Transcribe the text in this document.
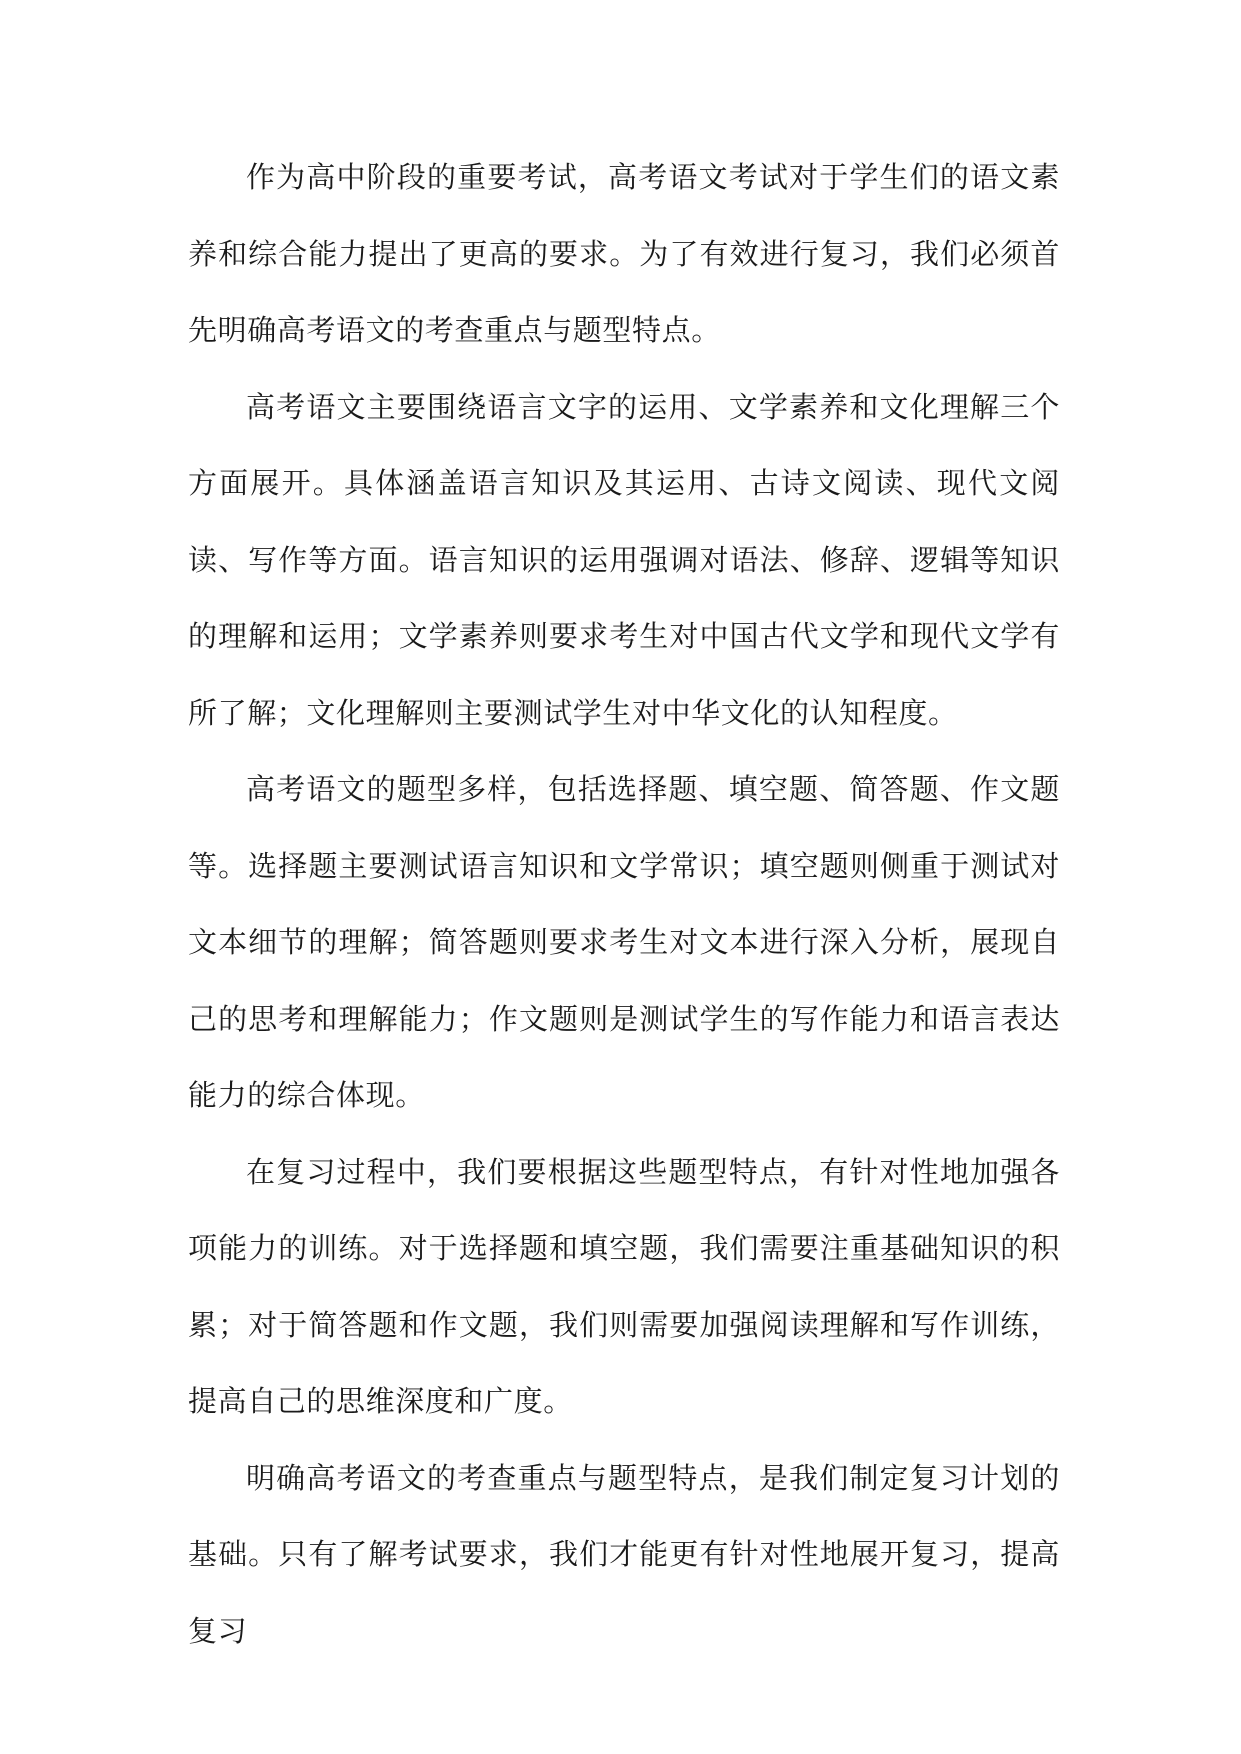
作为高中阶段的重要考试，高考语文考试对于学生们的语文素养和综合能力提出了更高的要求。为了有效进行复习，我们必须首先明确高考语文的考查重点与题型特点。

高考语文主要围绕语言文字的运用、文学素养和文化理解三个方面展开。具体涵盖语言知识及其运用、古诗文阅读、现代文阅读、写作等方面。语言知识的运用强调对语法、修辞、逻辑等知识的理解和运用；文学素养则要求考生对中国古代文学和现代文学有所了解；文化理解则主要测试学生对中华文化的认知程度。

高考语文的题型多样，包括选择题、填空题、简答题、作文题等。选择题主要测试语言知识和文学常识；填空题则侧重于测试对文本细节的理解；简答题则要求考生对文本进行深入分析，展现自己的思考和理解能力；作文题则是测试学生的写作能力和语言表达能力的综合体现。

在复习过程中，我们要根据这些题型特点，有针对性地加强各项能力的训练。对于选择题和填空题，我们需要注重基础知识的积累；对于简答题和作文题，我们则需要加强阅读理解和写作训练，提高自己的思维深度和广度。

明确高考语文的考查重点与题型特点，是我们制定复习计划的基础。只有了解考试要求，我们才能更有针对性地展开复习，提高复习
